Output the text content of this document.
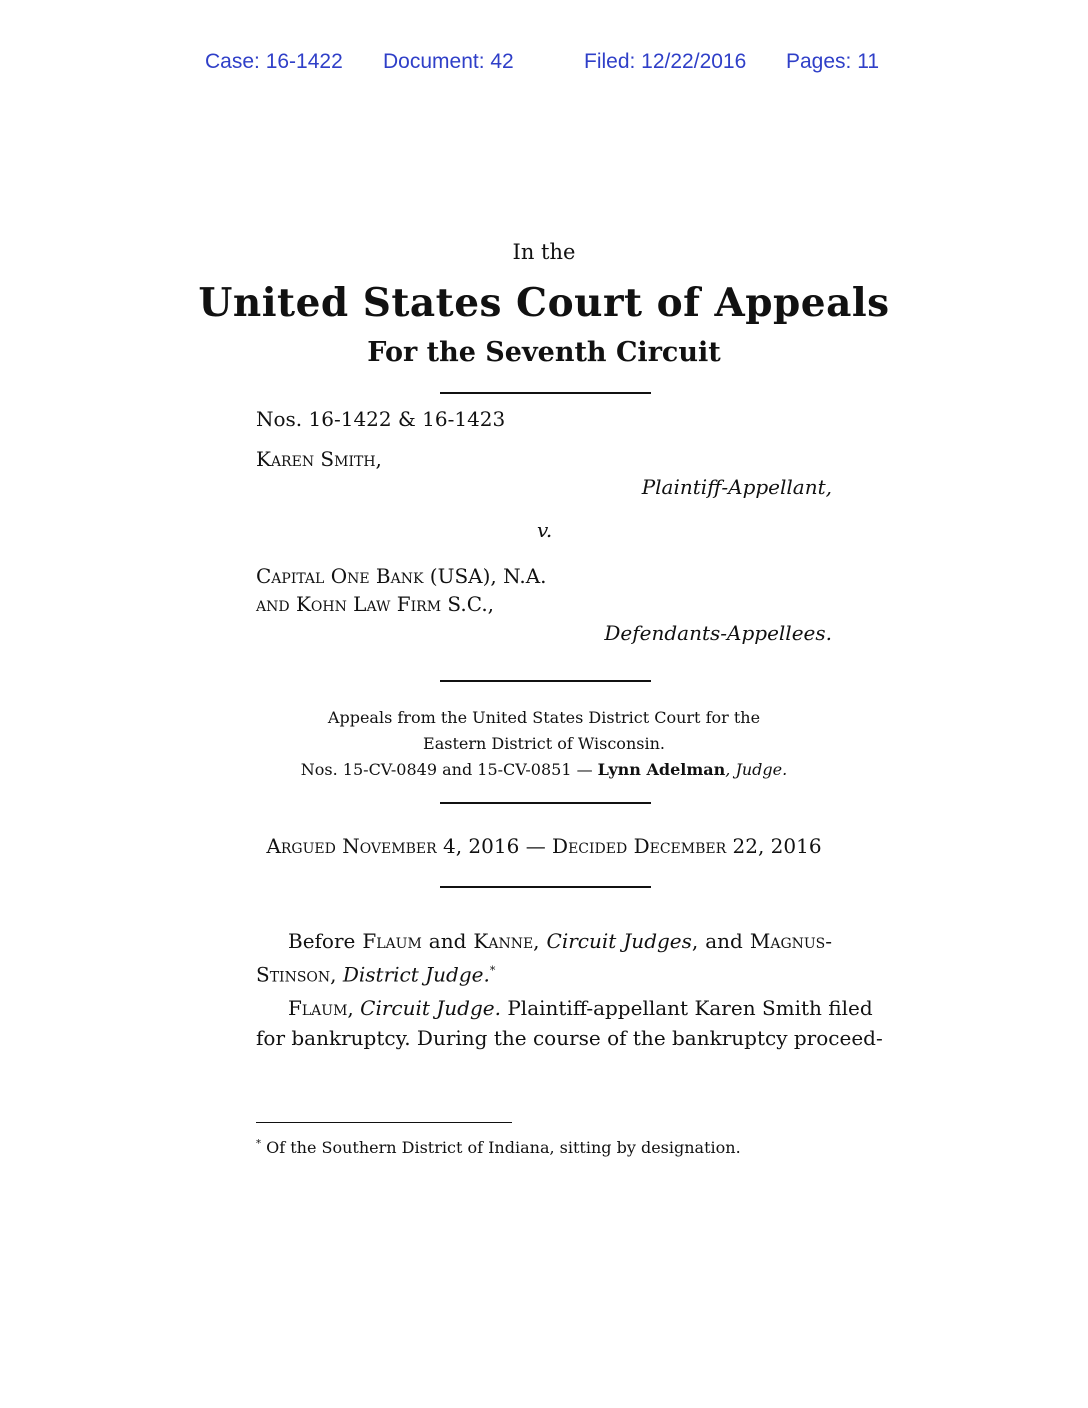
Case: 16-1422 Document: 42	Filed: 12/22/2016 Pages: 11
In the
United States Court of Appeals
For the Seventh Circuit
Nos. 16-1422 & 16-1423
Karen Smith,
Plaintiff-Appellant,
v.
Capital One Bank (USA), N.A.
and Kohn Law Firm S.C.,
Defendants-Appellees.
Appeals from the United States District Court for the
Eastern District of Wisconsin.
Nos. 15-CV-0849 and 15-CV-0851 — Lynn Adelman, Judge.
Argued November 4, 2016 — Decided December 22, 2016
Before Flaum and Kanne, Circuit Judges, and Magnus-
Stinson, District Judge.*
Flaum, Circuit Judge. Plaintiff-appellant Karen Smith filed
for bankruptcy. During the course of the bankruptcy proceed-
* Of the Southern District of Indiana, sitting by designation.
